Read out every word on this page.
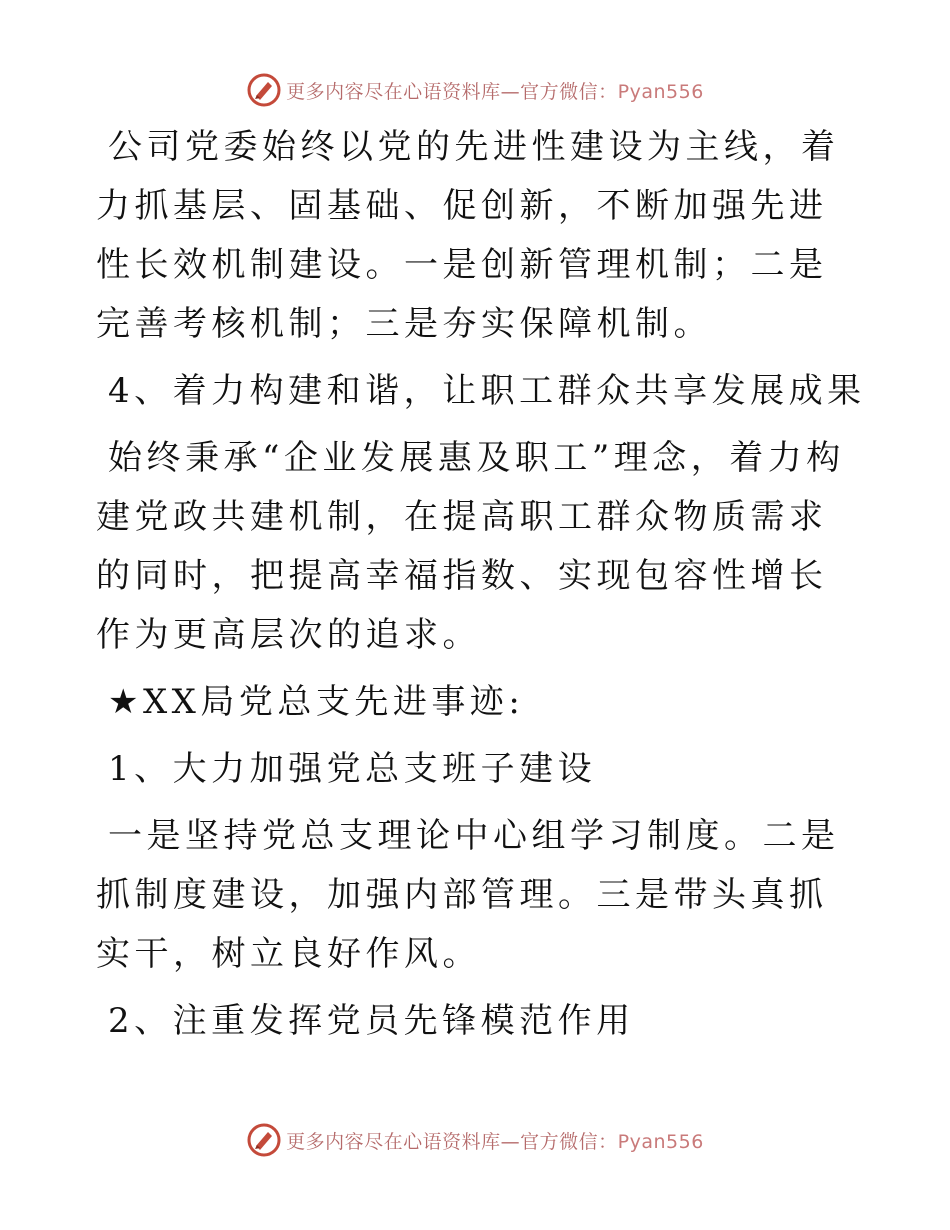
更多内容尽在心语资料库—官方微信：Pyan556

公司党委始终以党的先进性建设为主线，着力抓基层、固基础、促创新，不断加强先进性长效机制建设。一是创新管理机制；二是完善考核机制；三是夯实保障机制。

4、着力构建和谐，让职工群众共享发展成果

始终秉承“企业发展惠及职工”理念，着力构建党政共建机制，在提高职工群众物质需求的同时，把提高幸福指数、实现包容性增长作为更高层次的追求。

★XX局党总支先进事迹:
1、大力加强党总支班子建设

一是坚持党总支理论中心组学习制度。二是抓制度建设，加强内部管理。三是带头真抓实干，树立良好作风。

2、注重发挥党员先锋模范作用
更多内容尽在心语资料库—官方微信：Pyan556
